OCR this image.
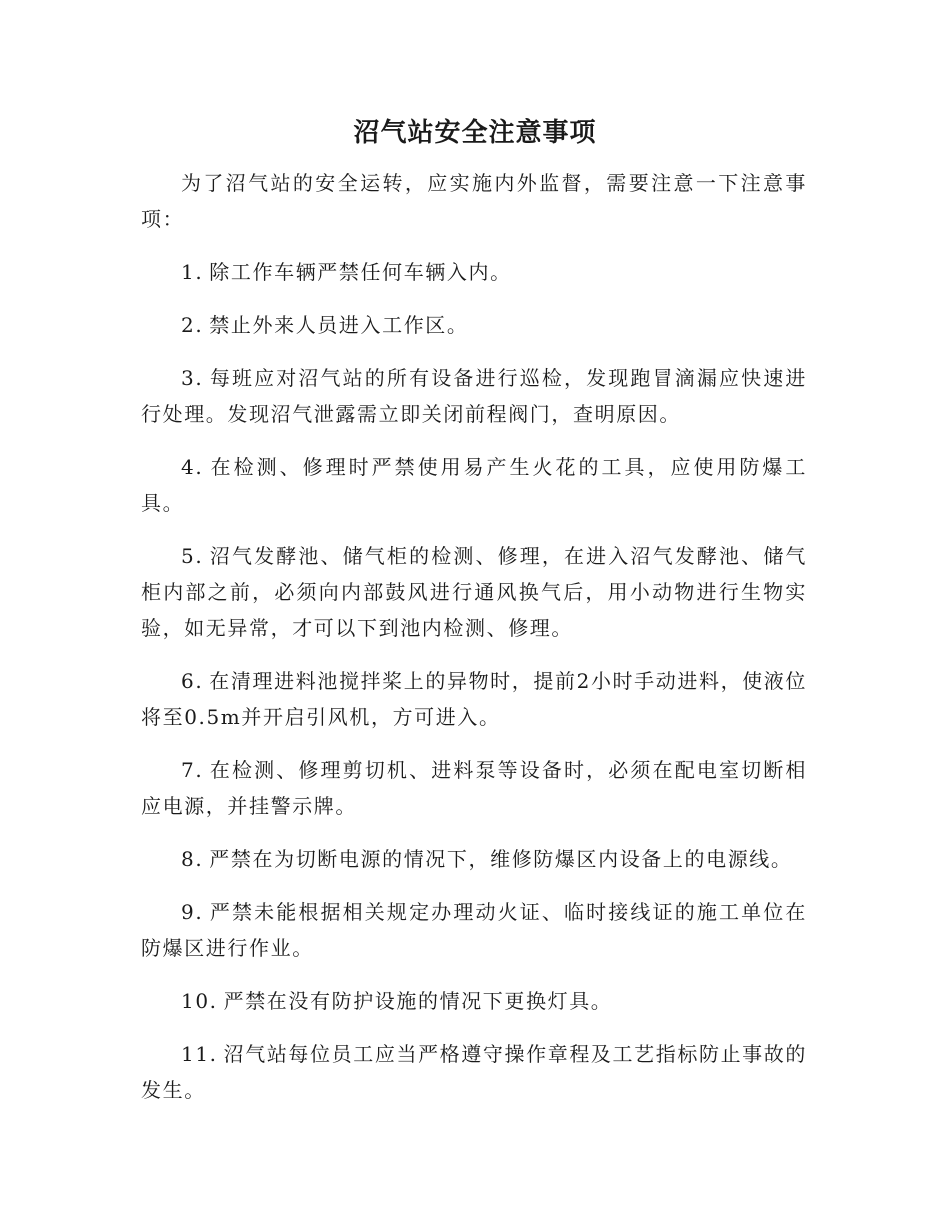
沼气站安全注意事项

为了沼气站的安全运转，应实施内外监督，需要注意一下注意事项：

1. 除工作车辆严禁任何车辆入内。

2. 禁止外来人员进入工作区。

3. 每班应对沼气站的所有设备进行巡检，发现跑冒滴漏应快速进行处理。发现沼气泄露需立即关闭前程阀门，查明原因。

4. 在检测、修理时严禁使用易产生火花的工具，应使用防爆工具。

5. 沼气发酵池、储气柜的检测、修理，在进入沼气发酵池、储气柜内部之前，必须向内部鼓风进行通风换气后，用小动物进行生物实验，如无异常，才可以下到池内检测、修理。

6. 在清理进料池搅拌桨上的异物时，提前2小时手动进料，使液位将至0.5m并开启引风机，方可进入。

7. 在检测、修理剪切机、进料泵等设备时，必须在配电室切断相应电源，并挂警示牌。

8. 严禁在为切断电源的情况下，维修防爆区内设备上的电源线。

9. 严禁未能根据相关规定办理动火证、临时接线证的施工单位在防爆区进行作业。

10. 严禁在没有防护设施的情况下更换灯具。

11. 沼气站每位员工应当严格遵守操作章程及工艺指标防止事故的发生。
